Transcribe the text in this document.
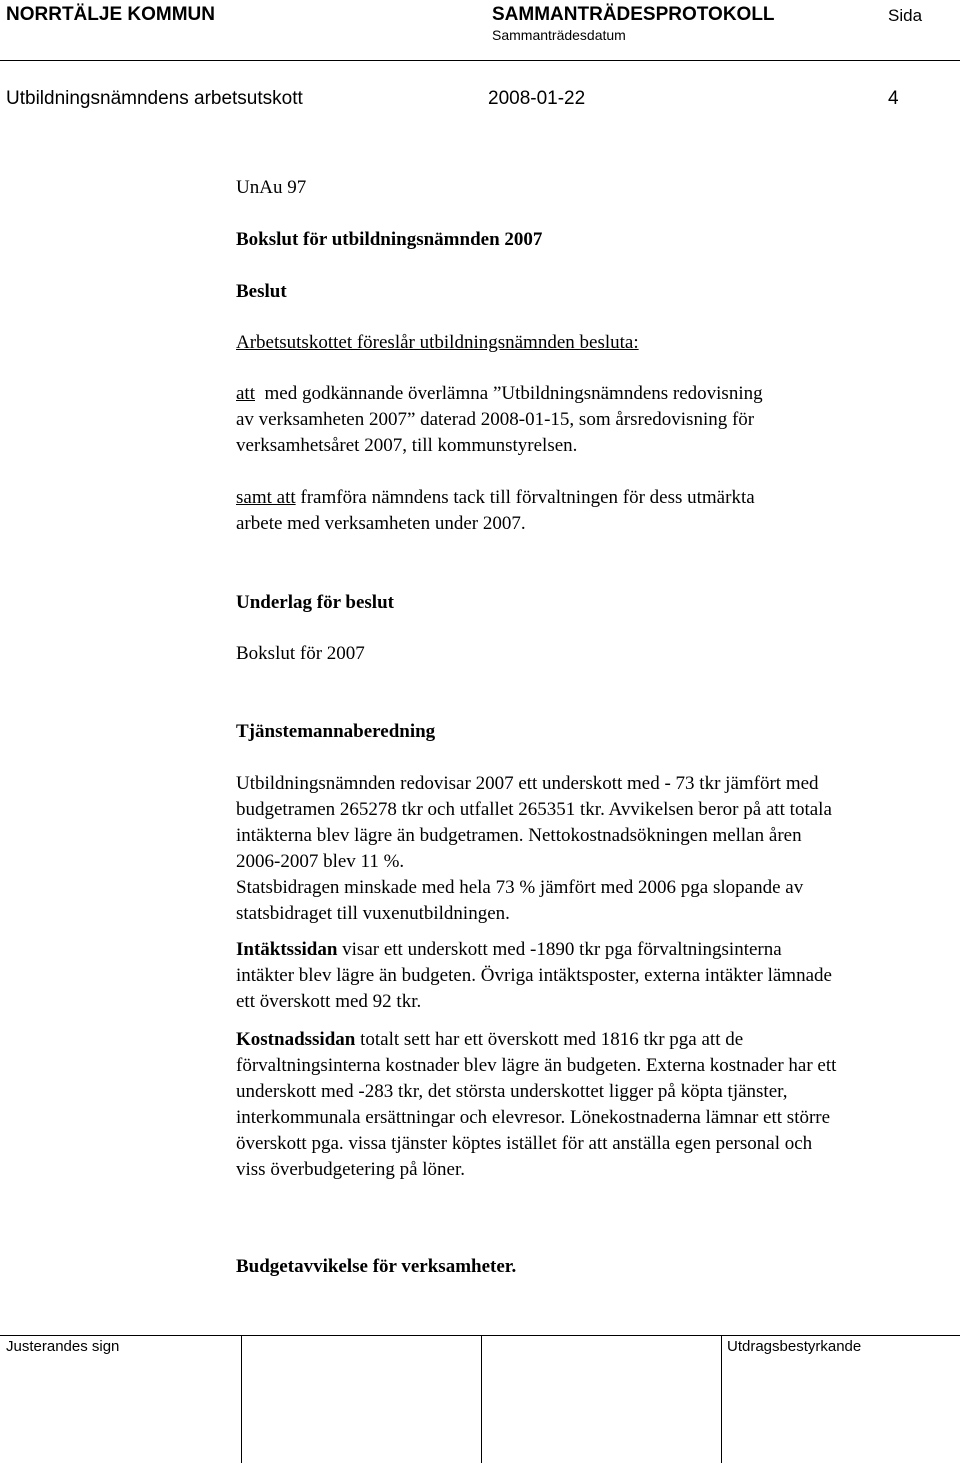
NORRTÄLJE KOMMUN	SAMMANTRÄDESPROTOKOLL
Sammanträdesdatum
Sida
Utbildningsnämndens arbetsutskott	2008-01-22	4
UnAu 97
Bokslut för utbildningsnämnden 2007
Beslut
Arbetsutskottet föreslår utbildningsnämnden besluta:
att med godkännande överlämna ”Utbildningsnämndens redovisning
av verksamheten 2007” daterad 2008-01-15, som årsredovisning för
verksamhetsåret 2007, till kommunstyrelsen.
samt att framföra nämndens tack till förvaltningen för dess utmärkta
arbete med verksamheten under 2007.
Underlag för beslut
Bokslut för 2007
Tjänstemannaberedning
Utbildningsnämnden redovisar 2007 ett underskott med - 73 tkr jämfört med
budgetramen 265278 tkr och utfallet 265351 tkr. Avvikelsen beror på att totala
intäkterna blev lägre än budgetramen. Nettokostnadsökningen mellan åren
2006-2007 blev 11 %.
Statsbidragen minskade med hela 73 % jämfört med 2006 pga slopande av
statsbidraget till vuxenutbildningen.
Intäktssidan visar ett underskott med -1890 tkr pga förvaltningsinterna
intäkter blev lägre än budgeten. Övriga intäktsposter, externa intäkter lämnade
ett överskott med 92 tkr.
Kostnadssidan totalt sett har ett överskott med 1816 tkr pga att de
förvaltningsinterna kostnader blev lägre än budgeten. Externa kostnader har ett
underskott med -283 tkr, det största underskottet ligger på köpta tjänster,
interkommunala ersättningar och elevresor. Lönekostnaderna lämnar ett större
överskott pga. vissa tjänster köptes istället för att anställa egen personal och
viss överbudgetering på löner.
Budgetavvikelse för verksamheter.
Justerandes sign	Utdragsbestyrkande
